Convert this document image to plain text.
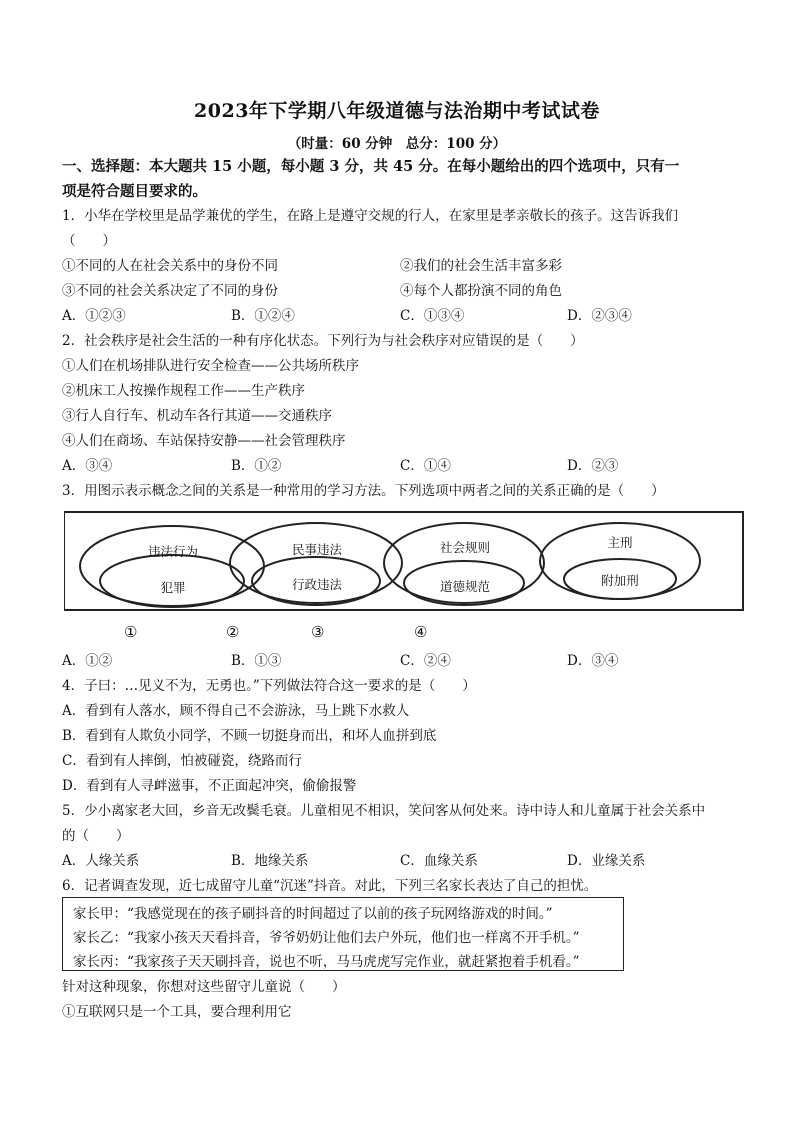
2023年下学期八年级道德与法治期中考试试卷
（时量：60 分钟　总分：100 分）
一、选择题：本大题共 15 小题，每小题 3 分，共 45 分。在每小题给出的四个选项中，只有一
项是符合题目要求的。
1．小华在学校里是品学兼优的学生，在路上是遵守交规的行人，在家里是孝亲敬长的孩子。这告诉我们
（　　）
①不同的人在社会关系中的身份不同	②我们的社会生活丰富多彩
③不同的社会关系决定了不同的身份	④每个人都扮演不同的角色
A．①②③	B．①②④	C．①③④	D．②③④
2．社会秩序是社会生活的一种有序化状态。下列行为与社会秩序对应错误的是（　　）
①人们在机场排队进行安全检查——公共场所秩序
②机床工人按操作规程工作——生产秩序
③行人自行车、机动车各行其道——交通秩序
④人们在商场、车站保持安静——社会管理秩序
A．③④	B．①②	C．①④	D．②③
3．用图示表示概念之间的关系是一种常用的学习方法。下列选项中两者之间的关系正确的是（　　）
违法行为
犯罪
民事违法
行政违法
社会规则
道德规范
主刑
附加刑
①	②	③	④
A．①②	B．①③	C．②④	D．③④
4．子曰：…见义不为，无勇也。”下列做法符合这一要求的是（　　）
A．看到有人落水，顾不得自己不会游泳，马上跳下水救人
B．看到有人欺负小同学，不顾一切挺身而出，和坏人血拼到底
C．看到有人摔倒，怕被碰瓷，绕路而行
D．看到有人寻衅滋事，不正面起冲突，偷偷报警
5．少小离家老大回，乡音无改鬓毛衰。儿童相见不相识，笑问客从何处来。诗中诗人和儿童属于社会关系中
的（　　）
A．人缘关系	B．地缘关系	C．血缘关系	D．业缘关系
6．记者调查发现，近七成留守儿童“沉迷”抖音。对此，下列三名家长表达了自己的担忧。
家长甲：“我感觉现在的孩子刷抖音的时间超过了以前的孩子玩网络游戏的时间。”
家长乙：“我家小孩天天看抖音，爷爷奶奶让他们去户外玩，他们也一样离不开手机。”
家长丙：“我家孩子天天刷抖音，说也不听，马马虎虎写完作业，就赶紧抱着手机看。”
针对这种现象，你想对这些留守儿童说（　　）
①互联网只是一个工具，要合理利用它
